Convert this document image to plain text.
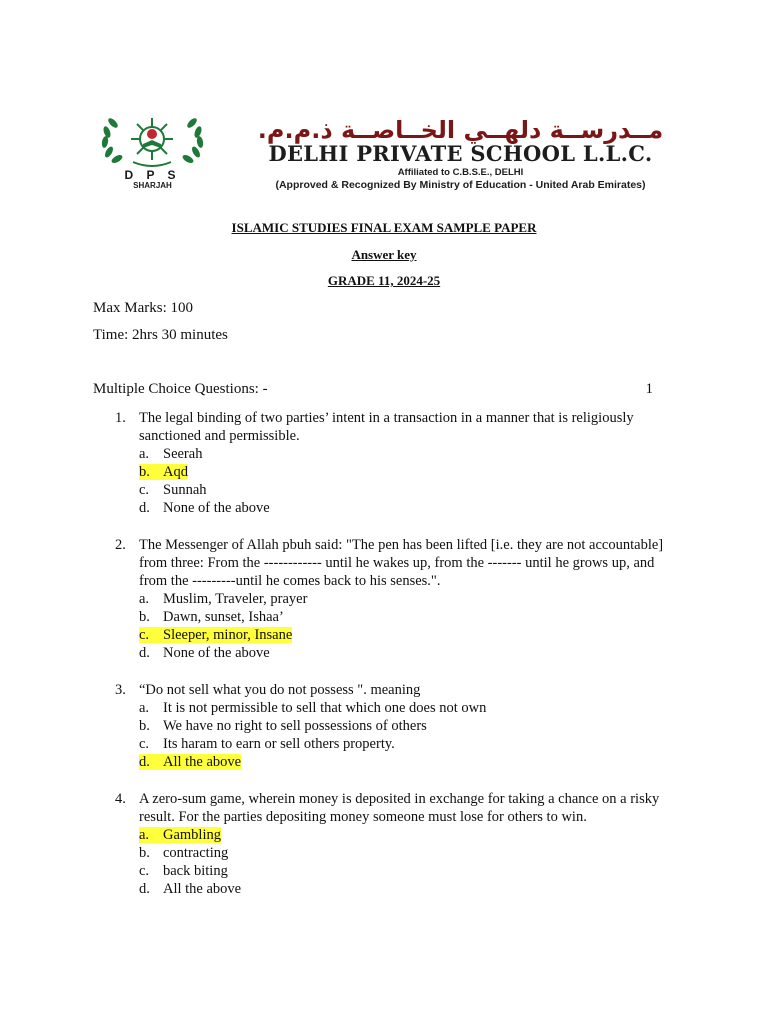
D P S
SHARJAH
مــدرســة دلهــي الخــاصــة ذ.م.م.
DELHI PRIVATE SCHOOL L.L.C.
Affiliated to C.B.S.E., DELHI
(Approved & Recognized By Ministry of Education - United Arab Emirates)
ISLAMIC STUDIES FINAL EXAM SAMPLE PAPER
Answer key
GRADE 11, 2024-25
Max Marks: 100
Time: 2hrs 30 minutes
Multiple Choice Questions: -	1
1. The legal binding of two parties’ intent in a transaction in a manner that is religiously sanctioned and permissible.
a. Seerah
b. Aqd
c. Sunnah
d. None of the above
2. The Messenger of Allah pbuh said: "The pen has been lifted [i.e. they are not accountable] from three: From the ------------ until he wakes up, from the ------- until he grows up, and from the ---------until he comes back to his senses.".
a. Muslim, Traveler, prayer
b. Dawn, sunset, Ishaa’
c. Sleeper, minor, Insane
d. None of the above
3. “Do not sell what you do not possess ". meaning
a. It is not permissible to sell that which one does not own
b. We have no right to sell possessions of others
c. Its haram to earn or sell others property.
d. All the above
4. A zero-sum game, wherein money is deposited in exchange for taking a chance on a risky result. For the parties depositing money someone must lose for others to win.
a. Gambling
b. contracting
c. back biting
d. All the above
